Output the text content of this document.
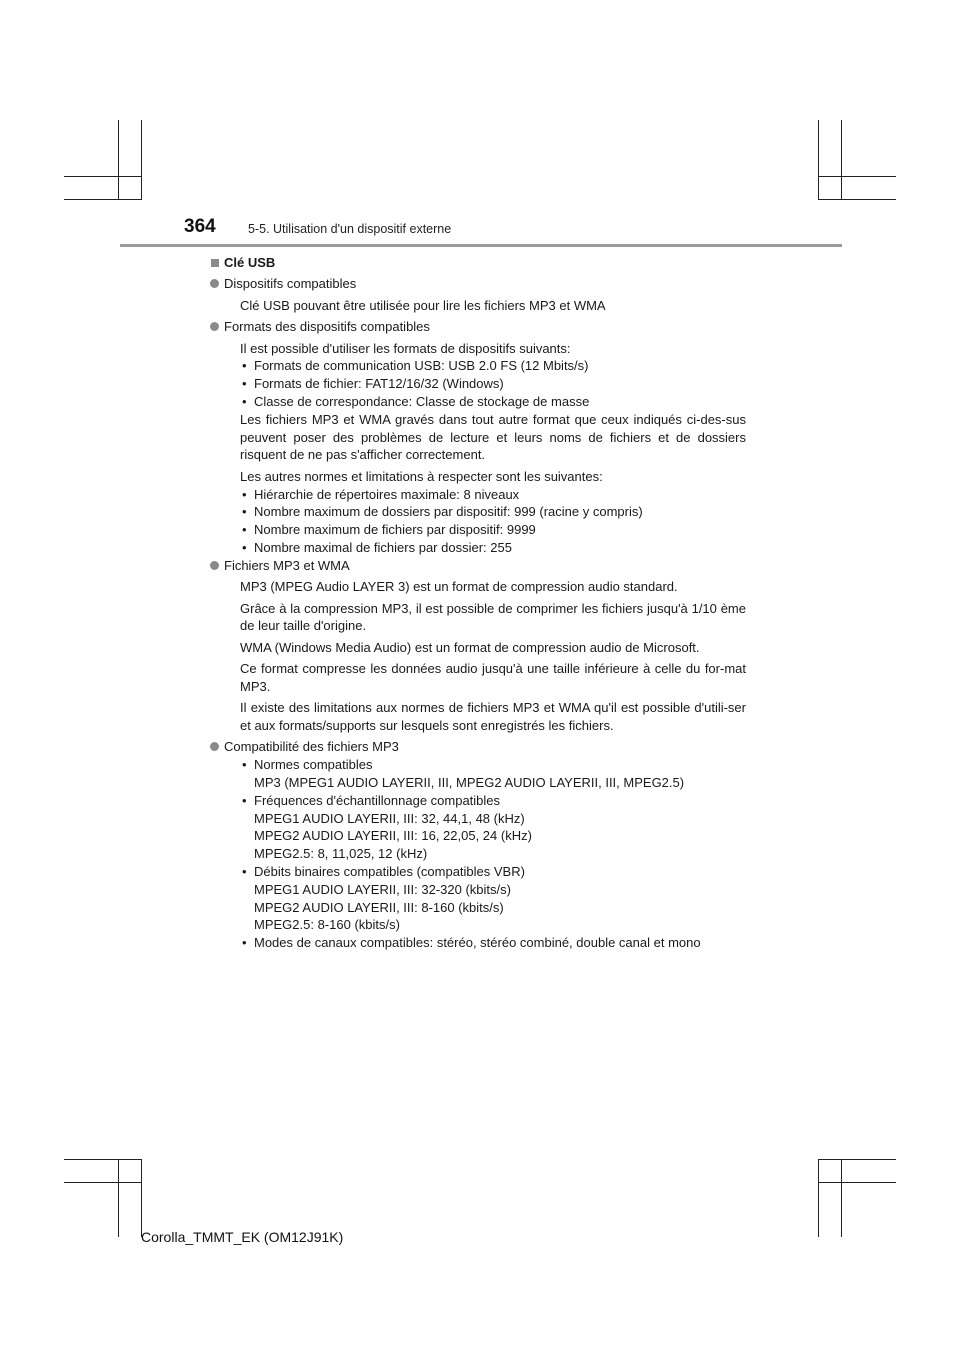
364	5-5. Utilisation d'un dispositif externe
Clé USB
Dispositifs compatibles
Clé USB pouvant être utilisée pour lire les fichiers MP3 et WMA
Formats des dispositifs compatibles
Il est possible d'utiliser les formats de dispositifs suivants:
• Formats de communication USB: USB 2.0 FS (12 Mbits/s)
• Formats de fichier: FAT12/16/32 (Windows)
• Classe de correspondance: Classe de stockage de masse
Les fichiers MP3 et WMA gravés dans tout autre format que ceux indiqués ci-des-sus peuvent poser des problèmes de lecture et leurs noms de fichiers et de dossiers risquent de ne pas s'afficher correctement.
Les autres normes et limitations à respecter sont les suivantes:
• Hiérarchie de répertoires maximale: 8 niveaux
• Nombre maximum de dossiers par dispositif: 999 (racine y compris)
• Nombre maximum de fichiers par dispositif: 9999
• Nombre maximal de fichiers par dossier: 255
Fichiers MP3 et WMA
MP3 (MPEG Audio LAYER 3) est un format de compression audio standard.
Grâce à la compression MP3, il est possible de comprimer les fichiers jusqu'à 1/10 ème de leur taille d'origine.
WMA (Windows Media Audio) est un format de compression audio de Microsoft.
Ce format compresse les données audio jusqu'à une taille inférieure à celle du for-mat MP3.
Il existe des limitations aux normes de fichiers MP3 et WMA qu'il est possible d'utili-ser et aux formats/supports sur lesquels sont enregistrés les fichiers.
Compatibilité des fichiers MP3
• Normes compatibles
MP3 (MPEG1 AUDIO LAYERII, III, MPEG2 AUDIO LAYERII, III, MPEG2.5)
• Fréquences d'échantillonnage compatibles
MPEG1 AUDIO LAYERII, III: 32, 44,1, 48 (kHz)
MPEG2 AUDIO LAYERII, III: 16, 22,05, 24 (kHz)
MPEG2.5: 8, 11,025, 12 (kHz)
• Débits binaires compatibles (compatibles VBR)
MPEG1 AUDIO LAYERII, III: 32-320 (kbits/s)
MPEG2 AUDIO LAYERII, III: 8-160 (kbits/s)
MPEG2.5: 8-160 (kbits/s)
• Modes de canaux compatibles: stéréo, stéréo combiné, double canal et mono
Corolla_TMMT_EK (OM12J91K)
